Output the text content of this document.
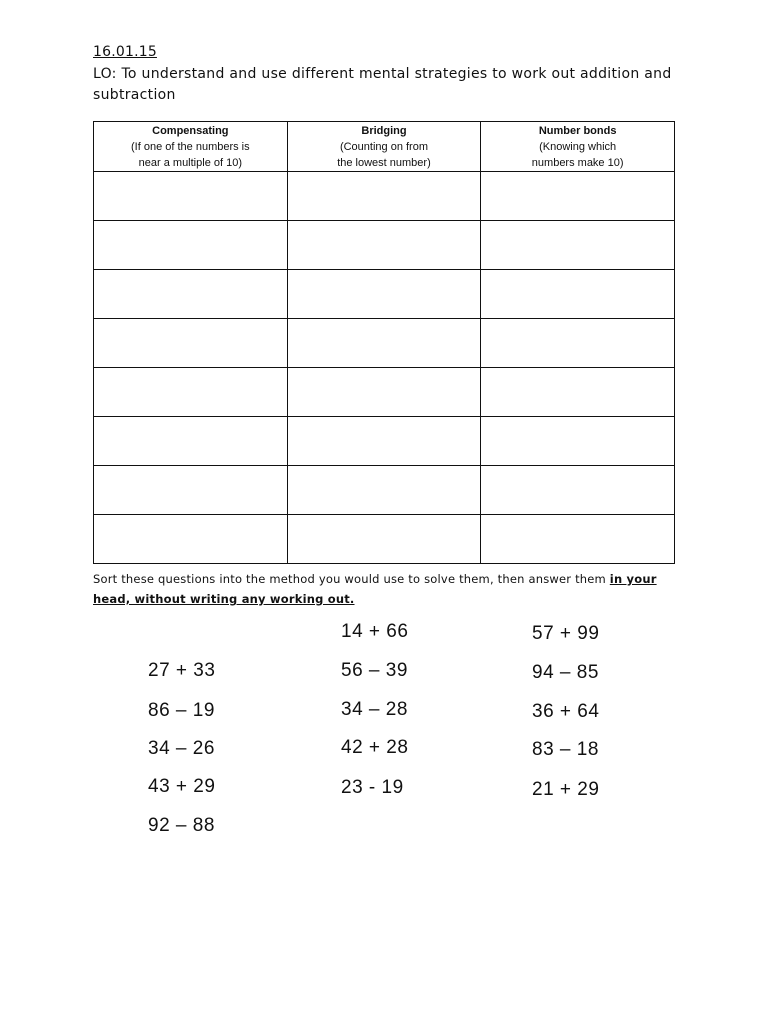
16.01.15
LO: To understand and use different mental strategies to work out addition and subtraction
Compensating
(If one of the numbers is
near a multiple of 10)	Bridging
(Counting on from
the lowest number)	Number bonds
(Knowing which
numbers make 10)

Sort these questions into the method you would use to solve them, then answer them in your head, without writing any working out.
27 + 33
86 – 19
34 – 26
43 + 29
92 – 88
14 + 66
56 – 39
34 – 28
42 + 28
23 - 19
57 + 99
94 – 85
36 + 64
83 – 18
21 + 29
